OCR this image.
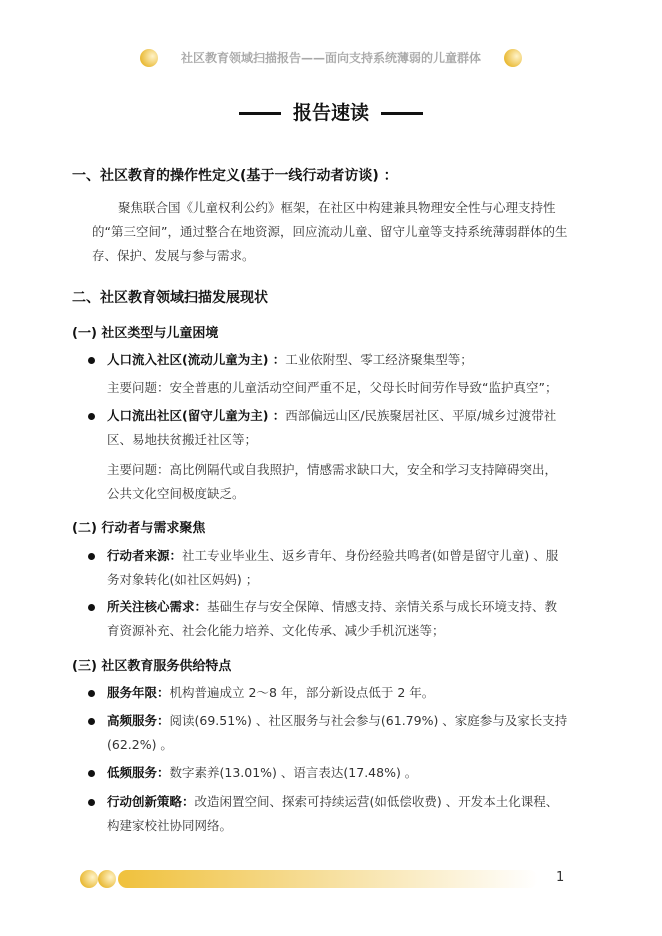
社区教育领域扫描报告——面向支持系统薄弱的儿童群体
报告速读
一、社区教育的操作性定义(基于一线行动者访谈) ：
聚焦联合国《儿童权利公约》框架，在社区中构建兼具物理安全性与心理支持性的“第三空间”，通过整合在地资源，回应流动儿童、留守儿童等支持系统薄弱群体的生存、保护、发展与参与需求。
二、社区教育领域扫描发展现状
(一) 社区类型与儿童困境
人口流入社区(流动儿童为主) ：工业依附型、零工经济聚集型等；
主要问题：安全普惠的儿童活动空间严重不足，父母长时间劳作导致“监护真空”；
人口流出社区(留守儿童为主) ：西部偏远山区/民族聚居社区、平原/城乡过渡带社区、易地扶贫搬迁社区等；
主要问题：高比例隔代或自我照护，情感需求缺口大，安全和学习支持障碍突出，公共文化空间极度缺乏。
(二) 行动者与需求聚焦
行动者来源：社工专业毕业生、返乡青年、身份经验共鸣者(如曾是留守儿童) 、服务对象转化(如社区妈妈) ；
所关注核心需求：基础生存与安全保障、情感支持、亲情关系与成长环境支持、教育资源补充、社会化能力培养、文化传承、减少手机沉迷等；
(三) 社区教育服务供给特点
服务年限：机构普遍成立 2～8 年，部分新设点低于 2 年。
高频服务：阅读(69.51%) 、社区服务与社会参与(61.79%) 、家庭参与及家长支持(62.2%) 。
低频服务：数字素养(13.01%) 、语言表达(17.48%) 。
行动创新策略：改造闲置空间、探索可持续运营(如低偿收费) 、开发本土化课程、构建家校社协同网络。
1
